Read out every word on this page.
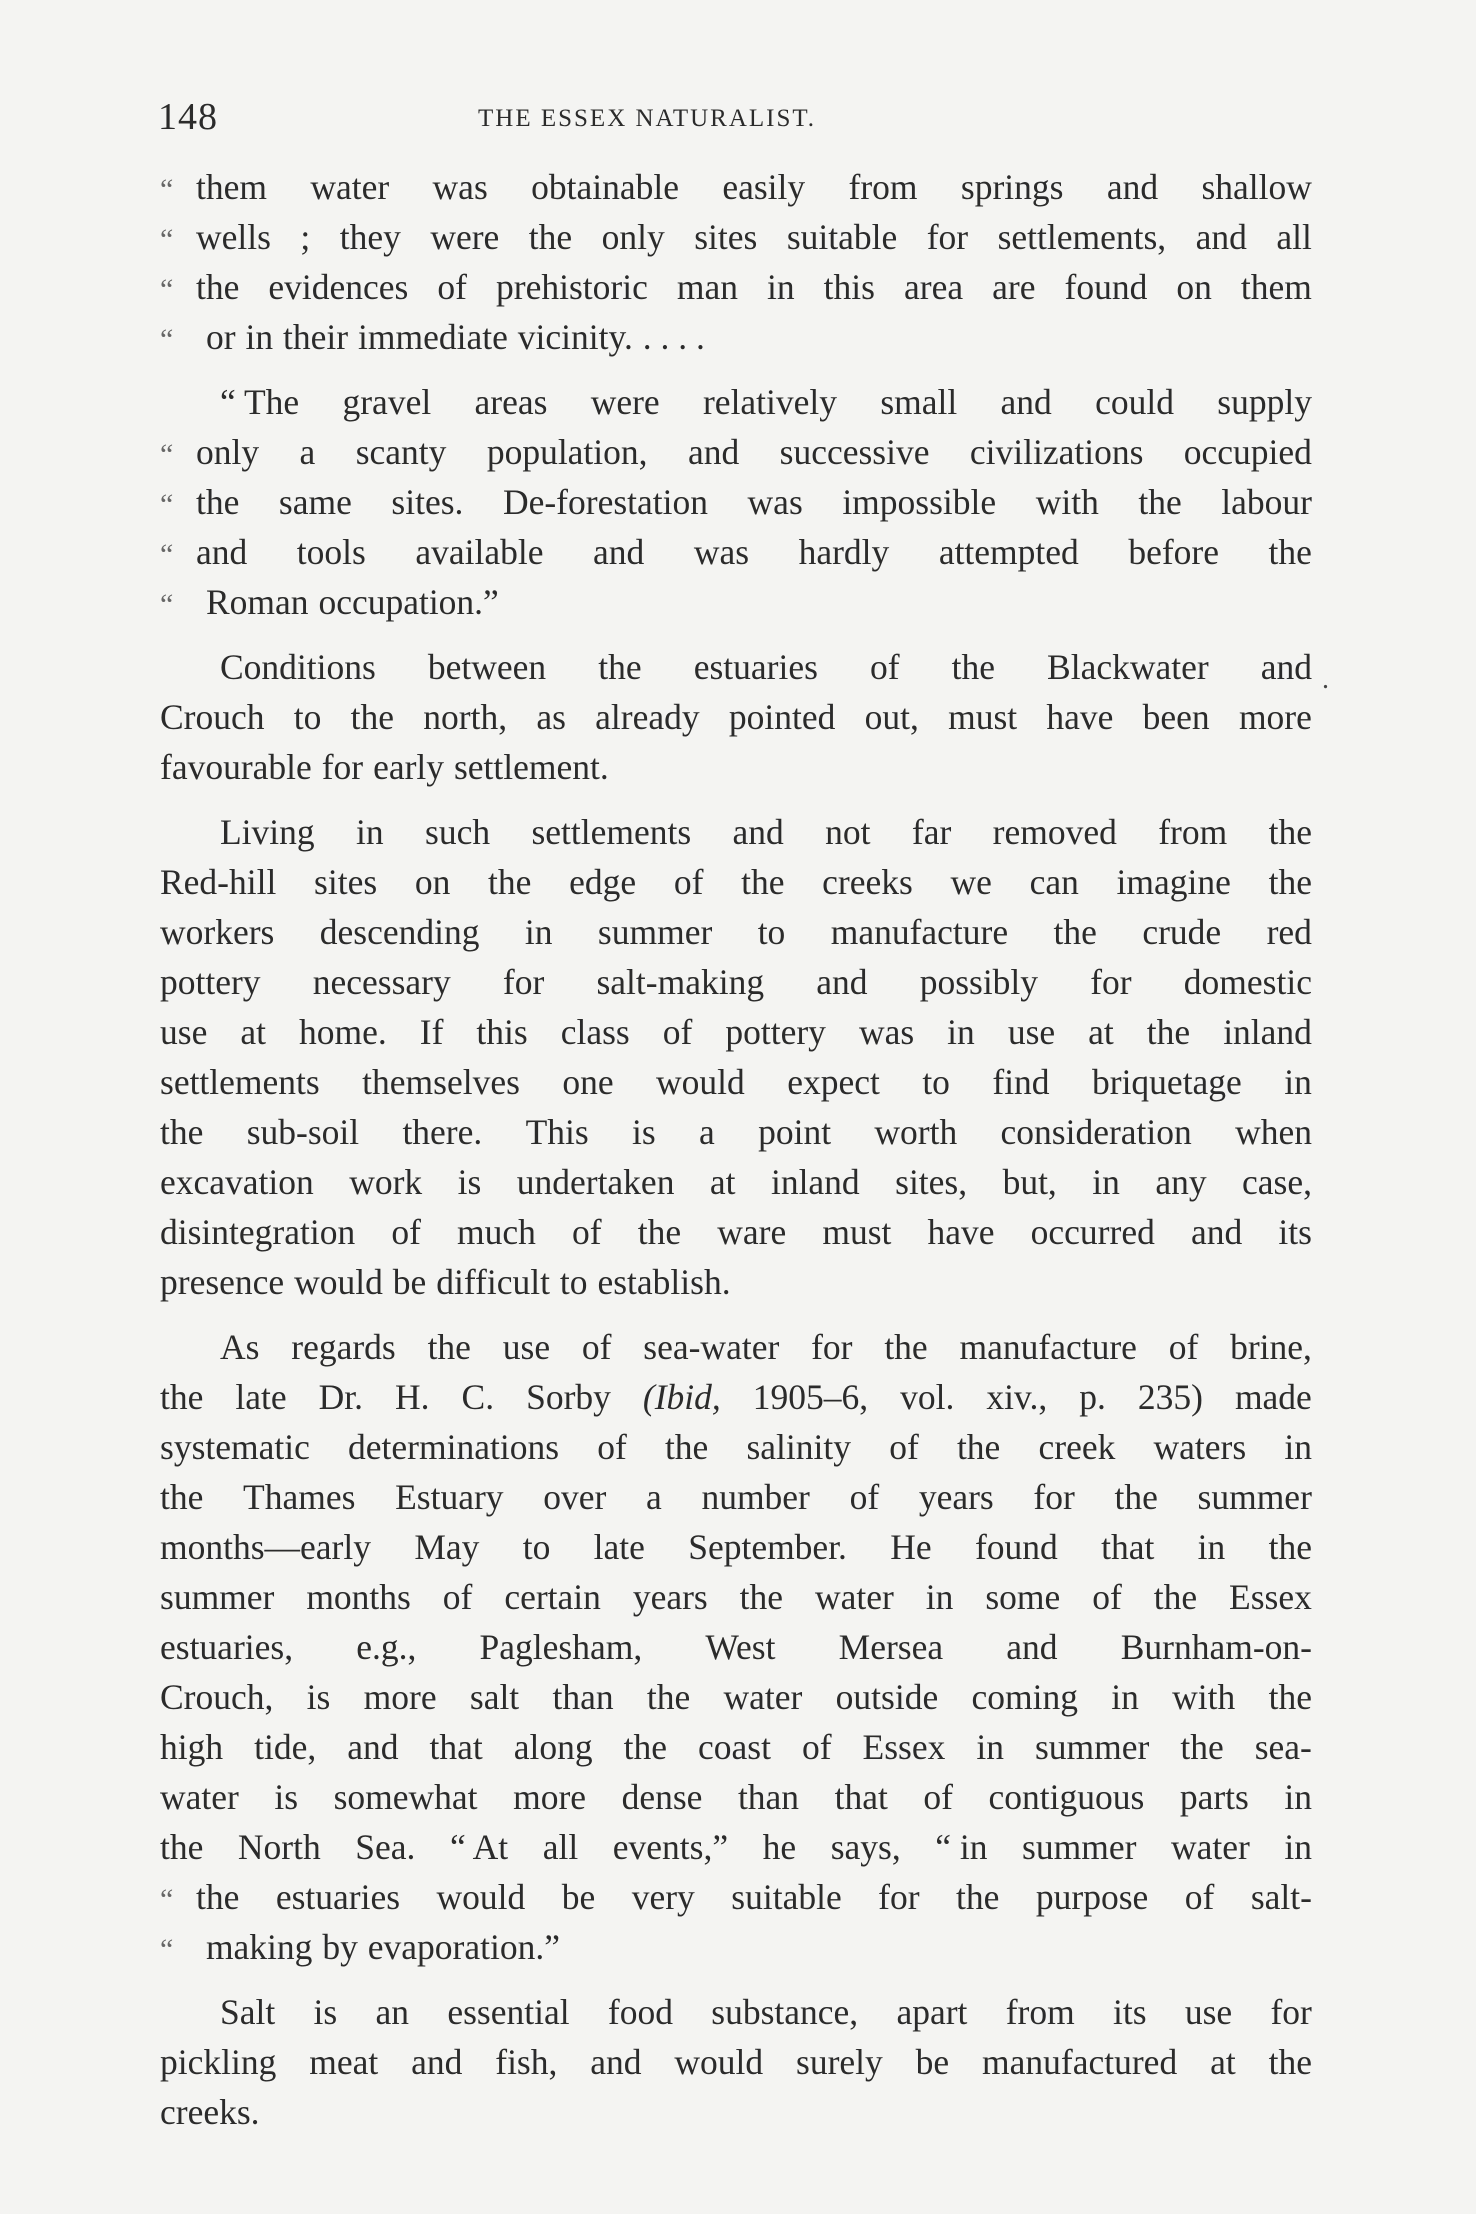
148	THE ESSEX NATURALIST.
“ them water was obtainable easily from springs and shallow
“ wells ; they were the only sites suitable for settlements, and all
“ the evidences of prehistoric man in this area are found on them
“ or in their immediate vicinity. . . . .
“ The gravel areas were relatively small and could supply
“ only a scanty population, and successive civilizations occupied
“ the same sites. De-forestation was impossible with the labour
“ and tools available and was hardly attempted before the
“ Roman occupation.”
Conditions between the estuaries of the Blackwater and
Crouch to the north, as already pointed out, must have been more
favourable for early settlement.
Living in such settlements and not far removed from the
Red-hill sites on the edge of the creeks we can imagine the
workers descending in summer to manufacture the crude red
pottery necessary for salt-making and possibly for domestic
use at home. If this class of pottery was in use at the inland
settlements themselves one would expect to find briquetage in
the sub-soil there. This is a point worth consideration when
excavation work is undertaken at inland sites, but, in any case,
disintegration of much of the ware must have occurred and its
presence would be difficult to establish.
As regards the use of sea-water for the manufacture of brine,
the late Dr. H. C. Sorby (Ibid, 1905–6, vol. xiv., p. 235) made
systematic determinations of the salinity of the creek waters in
the Thames Estuary over a number of years for the summer
months—early May to late September. He found that in the
summer months of certain years the water in some of the Essex
estuaries, e.g., Paglesham, West Mersea and Burnham-on-
Crouch, is more salt than the water outside coming in with the
high tide, and that along the coast of Essex in summer the sea-
water is somewhat more dense than that of contiguous parts in
the North Sea. “ At all events,” he says, “ in summer water in
“ the estuaries would be very suitable for the purpose of salt-
“ making by evaporation.”
Salt is an essential food substance, apart from its use for
pickling meat and fish, and would surely be manufactured at the
creeks.
.
